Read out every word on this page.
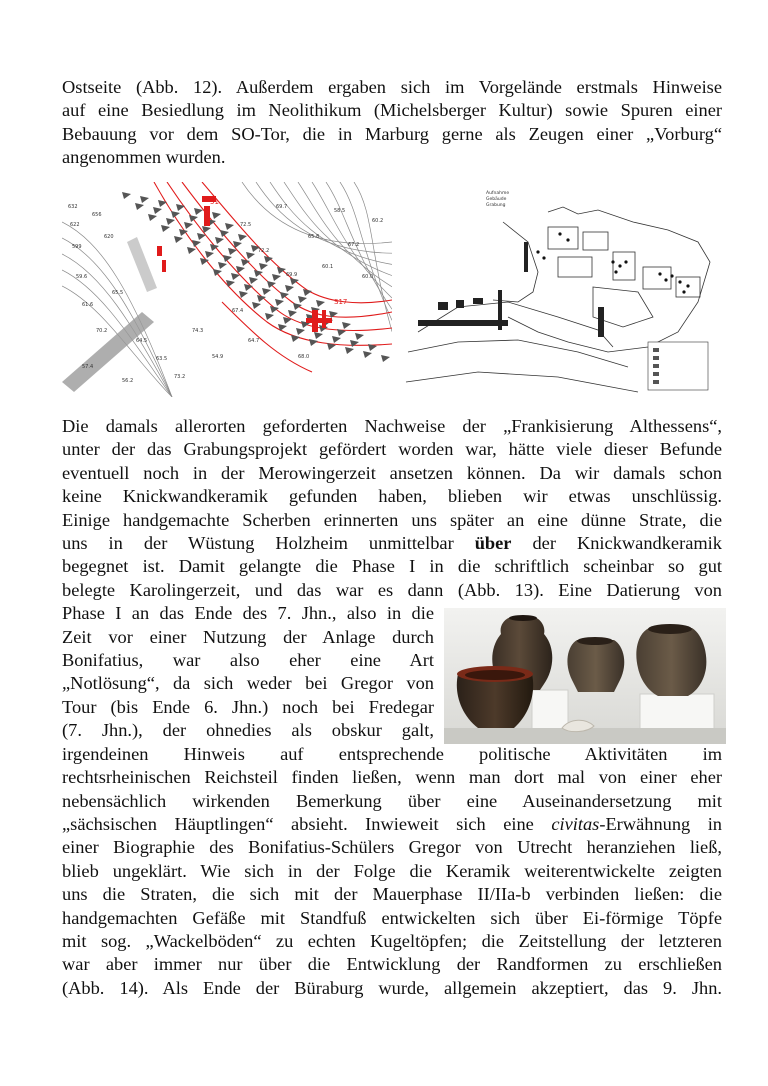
Ostseite (Abb. 12). Außerdem ergaben sich im Vorgelände erstmals Hinweise
auf eine Besiedlung im Neolithikum (Michelsberger Kultur) sowie Spuren einer
Bebauung vor dem SO-Tor, die in Marburg gerne als Zeugen einer „Vorburg“
angenommen wurden.

51
S17
632
622
599
656
620
59.6
61.6
70.2
65.5
64.5
63.5
73.2
74.3
72.5
72.2
69.7
69.9
65.8
60.1
58.5
67.2
60.0
60.2
57.4
56.2
54.9
67.4
64.7
68.0
Aufnahme
Gebäude
Grabung

Die damals allerorten geforderten Nachweise der „Frankisierung Althessens“,
unter der das Grabungsprojekt gefördert worden war, hätte viele dieser Befunde
eventuell noch in der Merowingerzeit ansetzen können. Da wir damals schon
keine Knickwandkeramik gefunden haben, blieben wir etwas unschlüssig.
Einige handgemachte Scherben erinnerten uns später an eine dünne Strate, die
uns in der Wüstung Holzheim unmittelbar über der Knickwandkeramik
begegnet ist. Damit gelangte die Phase I in die schriftlich scheinbar so gut
belegte Karolingerzeit, und das war es dann (Abb. 13). Eine Datierung von
Phase I an das Ende des 7. Jhn., also in die
Zeit vor einer Nutzung der Anlage durch
Bonifatius, war also eher eine Art
„Notlösung“, da sich weder bei Gregor von
Tour (bis Ende 6. Jhn.) noch bei Fredegar
(7. Jhn.), der ohnedies als obskur galt,
irgendeinen Hinweis auf entsprechende politische Aktivitäten im
rechtsrheinischen Reichsteil finden ließen, wenn man dort mal von einer eher
nebensächlich wirkenden Bemerkung über eine Auseinandersetzung mit
„sächsischen Häuptlingen“ absieht. Inwieweit sich eine civitas-Erwähnung in
einer Biographie des Bonifatius-Schülers Gregor von Utrecht heranziehen ließ,
blieb ungeklärt. Wie sich in der Folge die Keramik weiterentwickelte zeigten
uns die Straten, die sich mit der Mauerphase II/IIa-b verbinden ließen: die
handgemachten Gefäße mit Standfuß entwickelten sich über Ei-förmige Töpfe
mit sog. „Wackelböden“ zu echten Kugeltöpfen; die Zeitstellung der letzteren
war aber immer nur über die Entwicklung der Randformen zu erschließen
(Abb. 14). Als Ende der Büraburg wurde, allgemein akzeptiert, das 9. Jhn.
